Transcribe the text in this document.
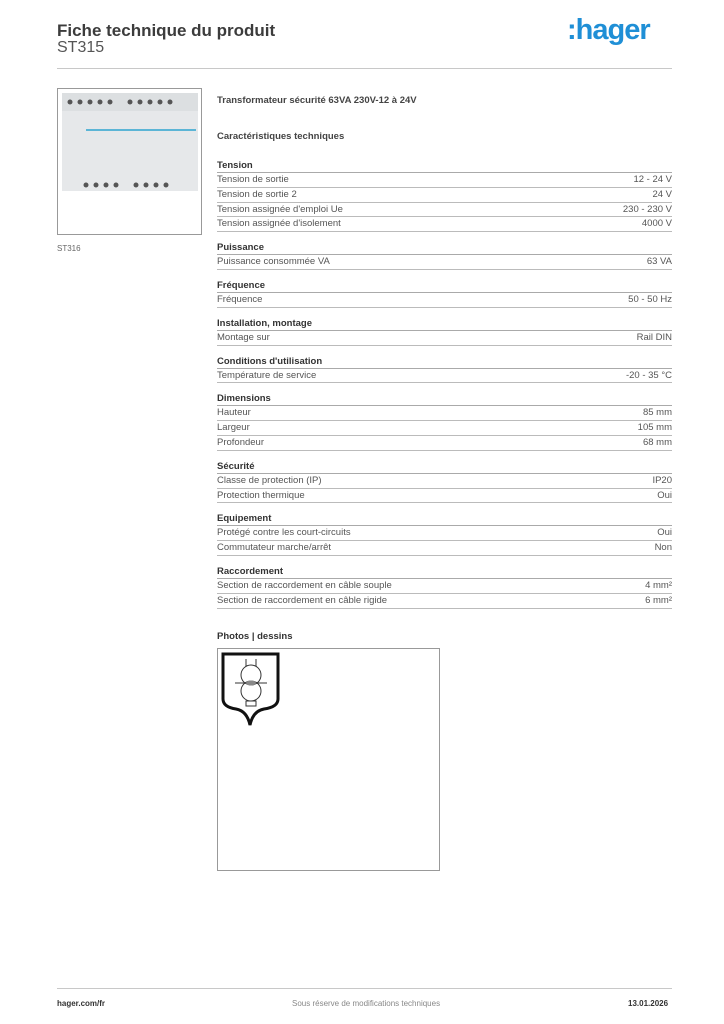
Fiche technique du produit
ST315
:hager
ST316
Transformateur sécurité 63VA 230V-12 à 24V
Caractéristiques techniques
Tension
Tension de sortie	12 - 24 V
Tension de sortie 2	24 V
Tension assignée d'emploi Ue	230 - 230 V
Tension assignée d'isolement	4000 V
Puissance
Puissance consommée VA	63 VA
Fréquence
Fréquence	50 - 50 Hz
Installation, montage
Montage sur	Rail DIN
Conditions d'utilisation
Température de service	-20 - 35 °C
Dimensions
Hauteur	85 mm
Largeur	105 mm
Profondeur	68 mm
Sécurité
Classe de protection (IP)	IP20
Protection thermique	Oui
Equipement
Protégé contre les court-circuits	Oui
Commutateur marche/arrêt	Non
Raccordement
Section de raccordement en câble souple	4 mm²
Section de raccordement en câble rigide	6 mm²
Photos | dessins
hager.com/fr	Sous réserve de modifications techniques	13.01.2026
